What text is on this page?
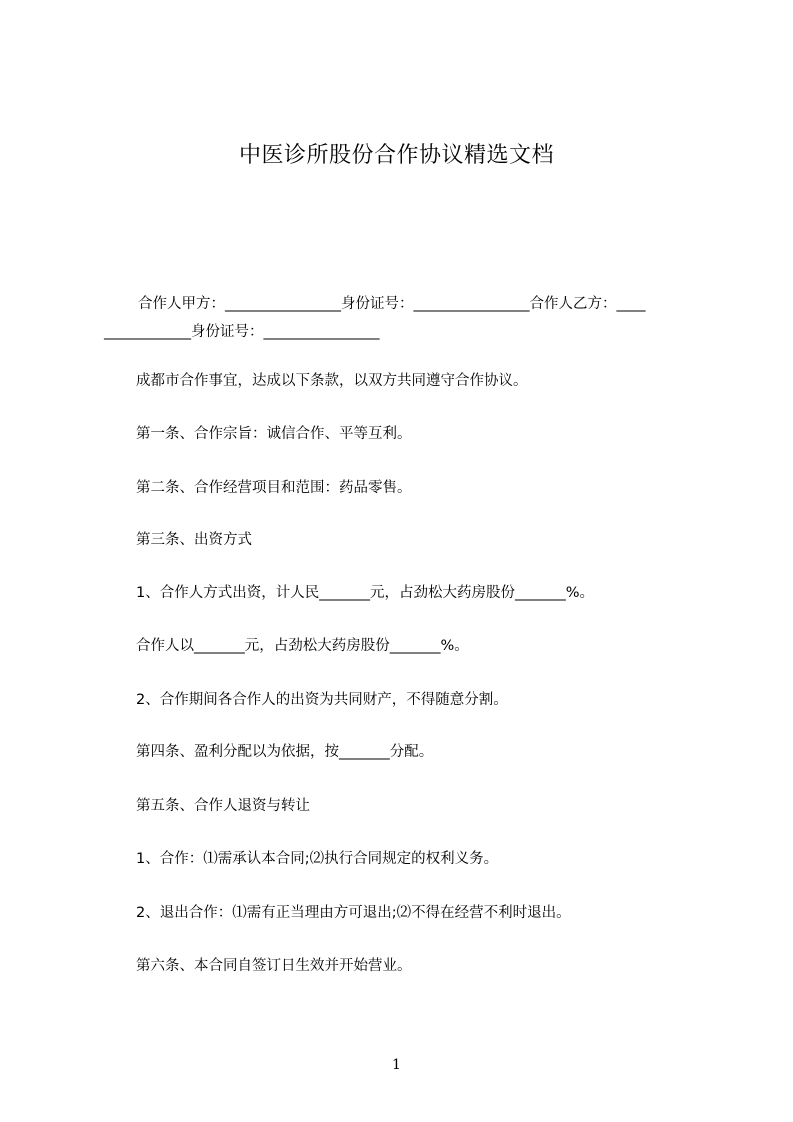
中医诊所股份合作协议精选文档
合作人甲方：________________身份证号：________________合作人乙方：____
____________身份证号：________________
成都市合作事宜，达成以下条款，以双方共同遵守合作协议。
第一条、合作宗旨：诚信合作、平等互利。
第二条、合作经营项目和范围：药品零售。
第三条、出资方式
1、合作人方式出资，计人民_______元，占劲松大药房股份_______%。
合作人以_______元，占劲松大药房股份_______%。
2、合作期间各合作人的出资为共同财产，不得随意分割。
第四条、盈利分配以为依据，按_______分配。
第五条、合作人退资与转让
1、合作：⑴需承认本合同;⑵执行合同规定的权利义务。
2、退出合作：⑴需有正当理由方可退出;⑵不得在经营不利时退出。
第六条、本合同自签订日生效并开始营业。
1
